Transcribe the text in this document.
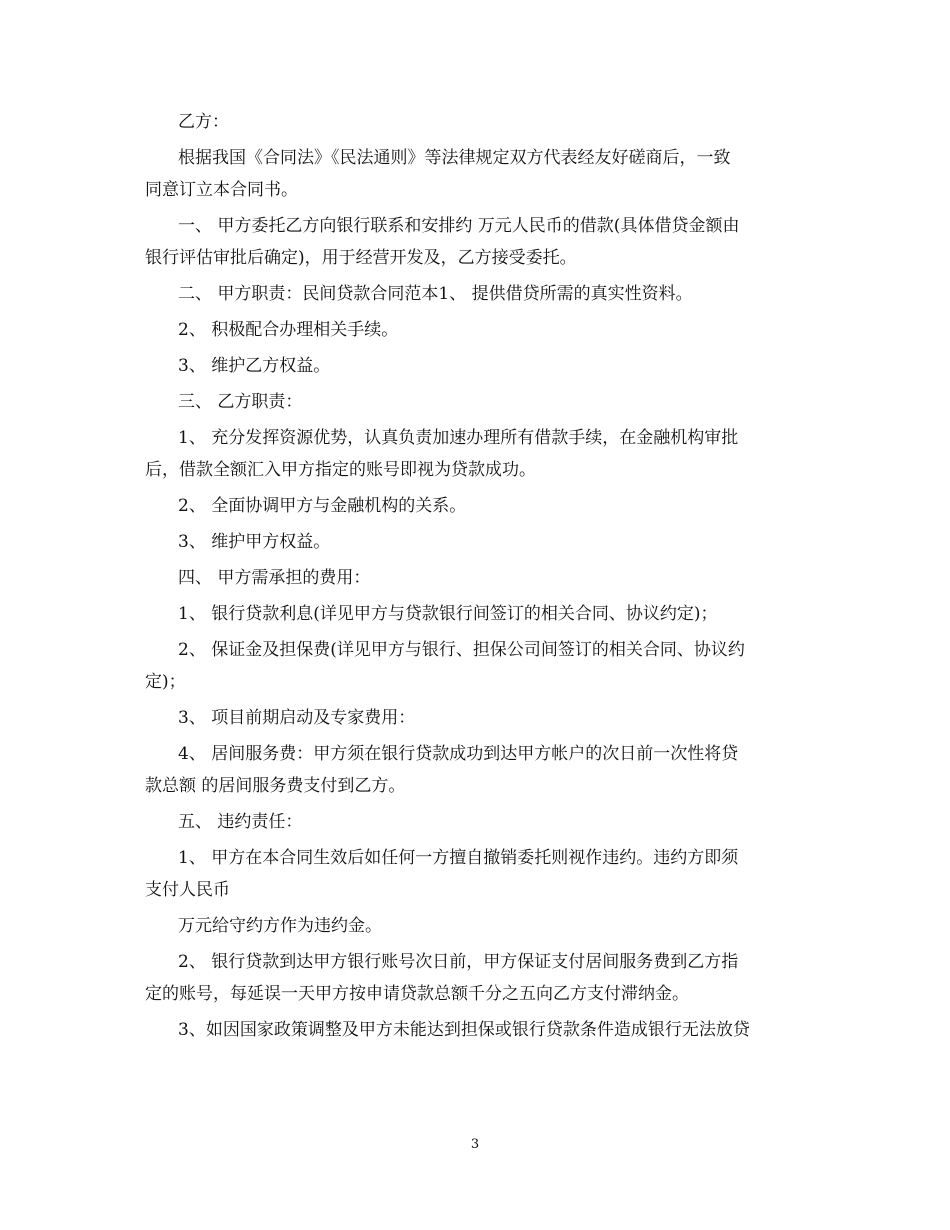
乙方：
根据我国《合同法》《民法通则》等法律规定双方代表经友好磋商后，一致
同意订立本合同书。
一、 甲方委托乙方向银行联系和安排约 万元人民币的借款(具体借贷金额由
银行评估审批后确定)，用于经营开发及，乙方接受委托。
二、 甲方职责：民间贷款合同范本1、 提供借贷所需的真实性资料。
2、 积极配合办理相关手续。
3、 维护乙方权益。
三、 乙方职责：
1、 充分发挥资源优势，认真负责加速办理所有借款手续，在金融机构审批
后，借款全额汇入甲方指定的账号即视为贷款成功。
2、 全面协调甲方与金融机构的关系。
3、 维护甲方权益。
四、 甲方需承担的费用：
1、 银行贷款利息(详见甲方与贷款银行间签订的相关合同、协议约定)；
2、 保证金及担保费(详见甲方与银行、担保公司间签订的相关合同、协议约
定)；
3、 项目前期启动及专家费用：
4、 居间服务费：甲方须在银行贷款成功到达甲方帐户的次日前一次性将贷
款总额 的居间服务费支付到乙方。
五、 违约责任：
1、 甲方在本合同生效后如任何一方擅自撤销委托则视作违约。违约方即须
支付人民币
万元给守约方作为违约金。
2、 银行贷款到达甲方银行账号次日前，甲方保证支付居间服务费到乙方指
定的账号，每延误一天甲方按申请贷款总额千分之五向乙方支付滞纳金。
3、如因国家政策调整及甲方未能达到担保或银行贷款条件造成银行无法放贷
3
